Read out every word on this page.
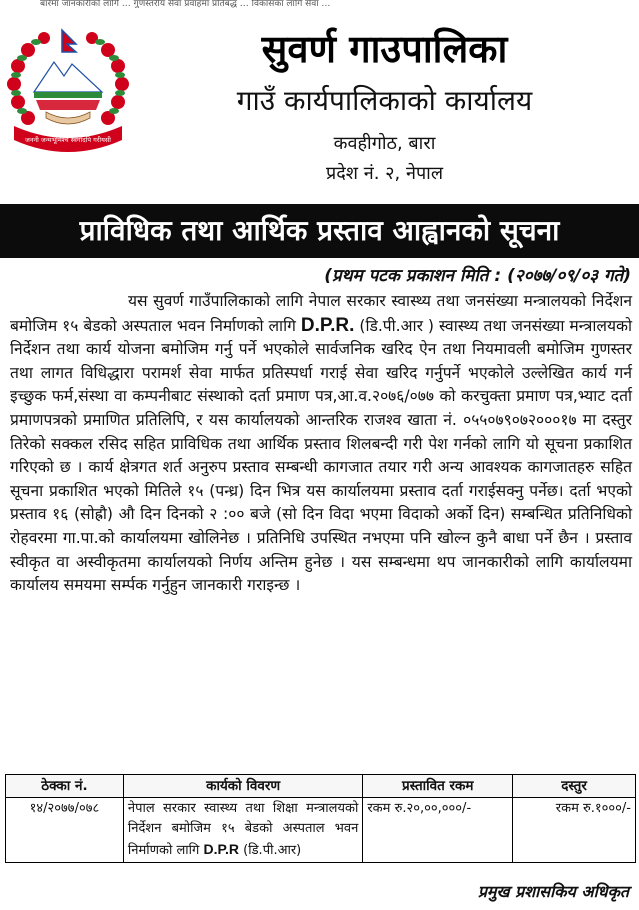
बारेमा जानकारीको लागि … गुणस्तरीय सेवा प्रवाहमा प्रतिबद्ध … विकासका लागि सेवा …
जननी जन्मभूमिश्च स्वर्गादपि गरीयसी
सुवर्ण गाउपालिका
गाउँ कार्यपालिकाको कार्यालय
कवहीगोठ, बारा
प्रदेश नं. २, नेपाल
प्राविधिक तथा आर्थिक प्रस्ताव आह्वानको सूचना
(प्रथम पटक प्रकाशन मिति : (२०७७/०९/०३ गते)

यस सुवर्ण गाउँपालिकाको लागि नेपाल सरकार स्वास्थ्य तथा जनसंख्या मन्त्रालयको निर्देशन बमोजिम १५ बेडको अस्पताल भवन निर्माणको लागि D.P.R. (डि.पी.आर ) स्वास्थ्य तथा जनसंख्या मन्त्रालयको निर्देशन तथा कार्य योजना बमोजिम गर्नु पर्ने भएकोले सार्वजनिक खरिद ऐन तथा नियमावली बमोजिम गुणस्तर तथा लागत विधिद्धारा परामर्श सेवा मार्फत प्रतिस्पर्धा गराई सेवा खरिद गर्नुपर्ने भएकोले उल्लेखित कार्य गर्न इच्छुक फर्म,संस्था वा कम्पनीबाट संस्थाको दर्ता प्रमाण पत्र,आ.व.२०७६/०७७ को करचुक्ता प्रमाण पत्र,भ्याट दर्ता प्रमाणपत्रको प्रमाणित प्रतिलिपि, र यस कार्यालयको आन्तरिक राजश्व खाता नं. ०५५०७९०७२०००१७ मा दस्तुर तिरेको सक्कल रसिद सहित प्राविधिक तथा आर्थिक प्रस्ताव शिलबन्दी गरी पेश गर्नको लागि यो सूचना प्रकाशित गरिएको छ । कार्य क्षेत्रगत शर्त अनुरुप प्रस्ताव सम्बन्धी कागजात तयार गरी अन्य आवश्यक कागजातहरु सहित सूचना प्रकाशित भएको मितिले १५ (पन्ध्र) दिन भित्र यस कार्यालयमा प्रस्ताव दर्ता गराईसक्नु पर्नेछ। दर्ता भएको प्रस्ताव १६ (सोह्रौ) औ दिन दिनको २ :०० बजे (सो दिन विदा भएमा विदाको अर्को दिन) सम्बन्धित प्रतिनिधिको रोहवरमा गा.पा.को कार्यालयमा खोलिनेछ । प्रतिनिधि उपस्थित नभएमा पनि खोल्न कुनै बाधा पर्ने छैन । प्रस्ताव स्वीकृत वा अस्वीकृतमा कार्यालयको निर्णय अन्तिम हुनेछ । यस सम्बन्धमा थप जानकारीको लागि कार्यालयमा कार्यालय समयमा सर्म्पक गर्नुहुन जानकारी गराइन्छ ।

ठेक्का नं.	कार्यको विवरण	प्रस्तावित रकम	दस्तुर
१४/२०७७/०७८	नेपाल सरकार स्वास्थ्य तथा शिक्षा मन्त्रालयको निर्देशन बमोजिम १५ बेडको अस्पताल भवन निर्माणको लागि D.P.R (डि.पी.आर)	रकम रु.२०,००,०००/-	रकम रु.१०००/-
प्रमुख प्रशासकिय अधिकृत
